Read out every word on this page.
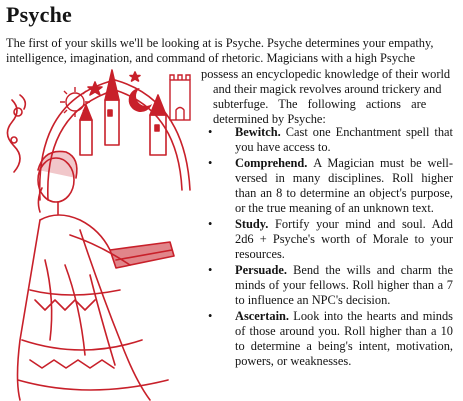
Psyche
The first of your skills we'll be looking at is Psyche. Psyche determines your empathy,
intelligence, imagination, and command of rhetoric. Magicians with a high Psyche
possess an encyclopedic knowledge of their world
and their magick revolves around trickery and
subterfuge. The following actions are
determined by Psyche:
• Bewitch. Cast one Enchantment spell that you have access to.
• Comprehend. A Magician must be well-versed in many disciplines. Roll higher than an 8 to determine an object's purpose, or the true meaning of an unknown text.
• Study. Fortify your mind and soul. Add 2d6 + Psyche's worth of Morale to your resources.
• Persuade. Bend the wills and charm the minds of your fellows. Roll higher than a 7 to influence an NPC's decision.
• Ascertain. Look into the hearts and minds of those around you. Roll higher than a 10 to determine a being's intent, motivation, powers, or weaknesses.
